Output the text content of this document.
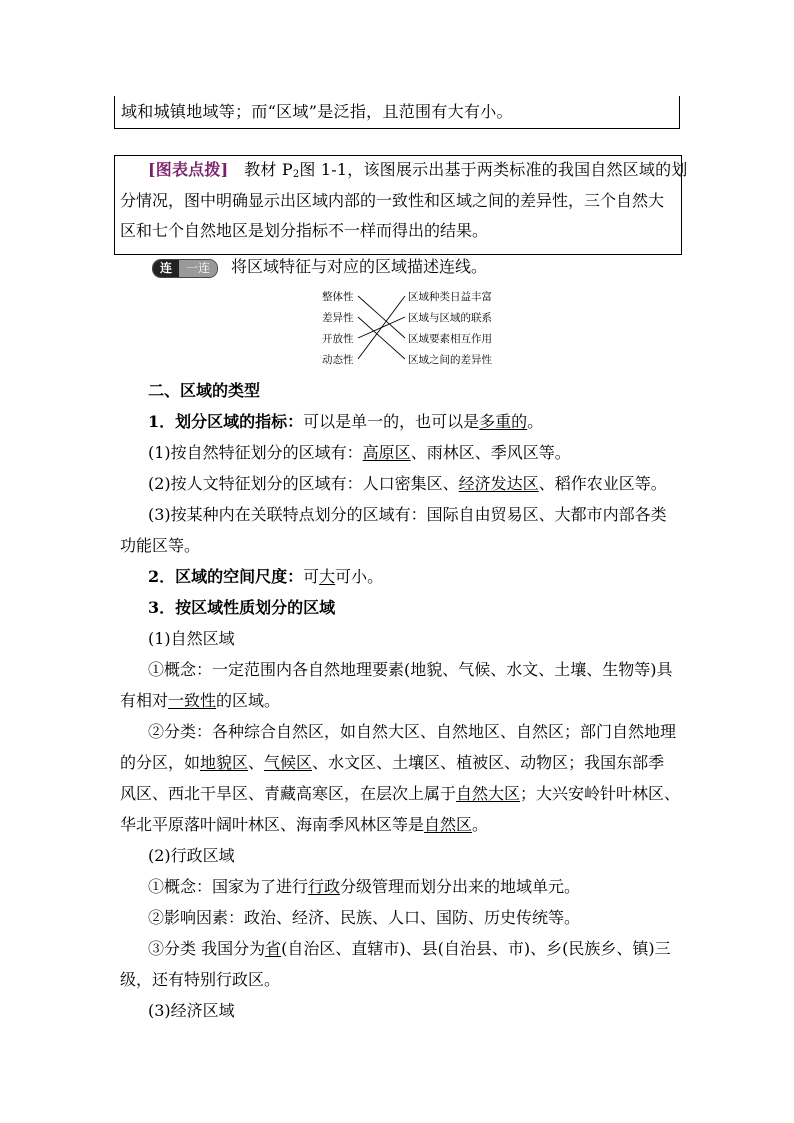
域和城镇地域等；而“区域”是泛指，且范围有大有小。
[图表点拨] 教材 $P_2$图 1-1，该图展示出基于两类标准的我国自然区域的划
分情况，图中明确显示出区域内部的一致性和区域之间的差异性，三个自然大
区和七个自然地区是划分指标不一样而得出的结果。
连	一连	将区域特征与对应的区域描述连线。
整体性
差异性
开放性
动态性
区域种类日益丰富
区域与区域的联系
区域要素相互作用
区域之间的差异性
二、区域的类型
1．划分区域的指标：可以是单一的，也可以是多重的。
(1)按自然特征划分的区域有：高原区、雨林区、季风区等。
(2)按人文特征划分的区域有：人口密集区、经济发达区、稻作农业区等。
(3)按某种内在关联特点划分的区域有：国际自由贸易区、大都市内部各类
功能区等。
2．区域的空间尺度：可大可小。
3．按区域性质划分的区域
(1)自然区域
①概念：一定范围内各自然地理要素(地貌、气候、水文、土壤、生物等)具
有相对一致性的区域。
②分类：各种综合自然区，如自然大区、自然地区、自然区；部门自然地理
的分区，如地貌区、气候区、水文区、土壤区、植被区、动物区；我国东部季
风区、西北干旱区、青藏高寒区，在层次上属于自然大区；大兴安岭针叶林区、
华北平原落叶阔叶林区、海南季风林区等是自然区。
(2)行政区域
①概念：国家为了进行行政分级管理而划分出来的地域单元。
②影响因素：政治、经济、民族、人口、国防、历史传统等。
③分类 我国分为省(自治区、直辖市)、县(自治县、市)、乡(民族乡、镇)三
级，还有特别行政区。
(3)经济区域
